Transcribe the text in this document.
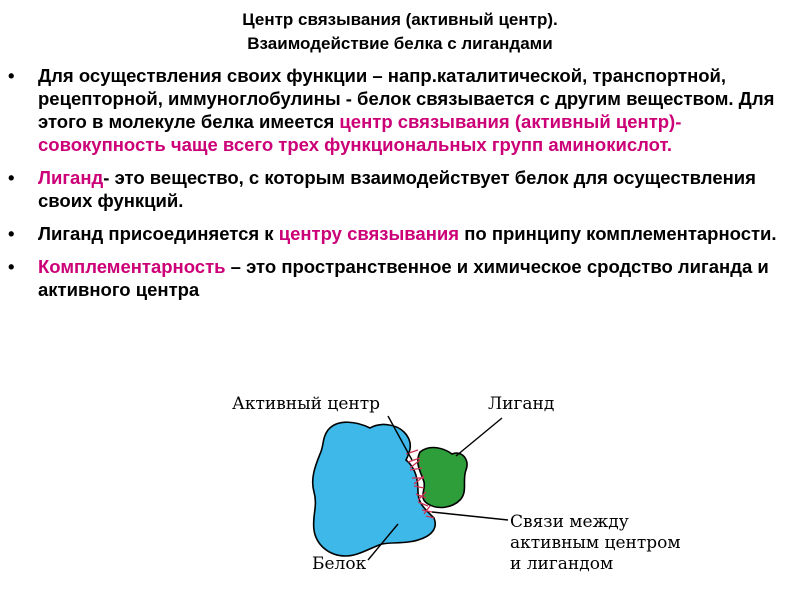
Центр связывания (активный центр).
Взаимодействие белка с лигандами
•	Для осуществления своих функции – напр.каталитической, транспортной, рецепторной, иммуноглобулины - белок связывается с другим веществом. Для этого в молекуле белка имеется центр связывания (активный центр)- совокупность чаще всего трех функциональных групп аминокислот.
•	Лиганд- это вещество, с которым взаимодействует белок для осуществления своих функций.
•	Лиганд присоединяется к центру связывания по принципу комплементарности.
•	Комплементарность – это пространственное и химическое сродство лиганда и активного центра
Активный центр	Лиганд
Связи между
активным центром
и лигандом
Белок
